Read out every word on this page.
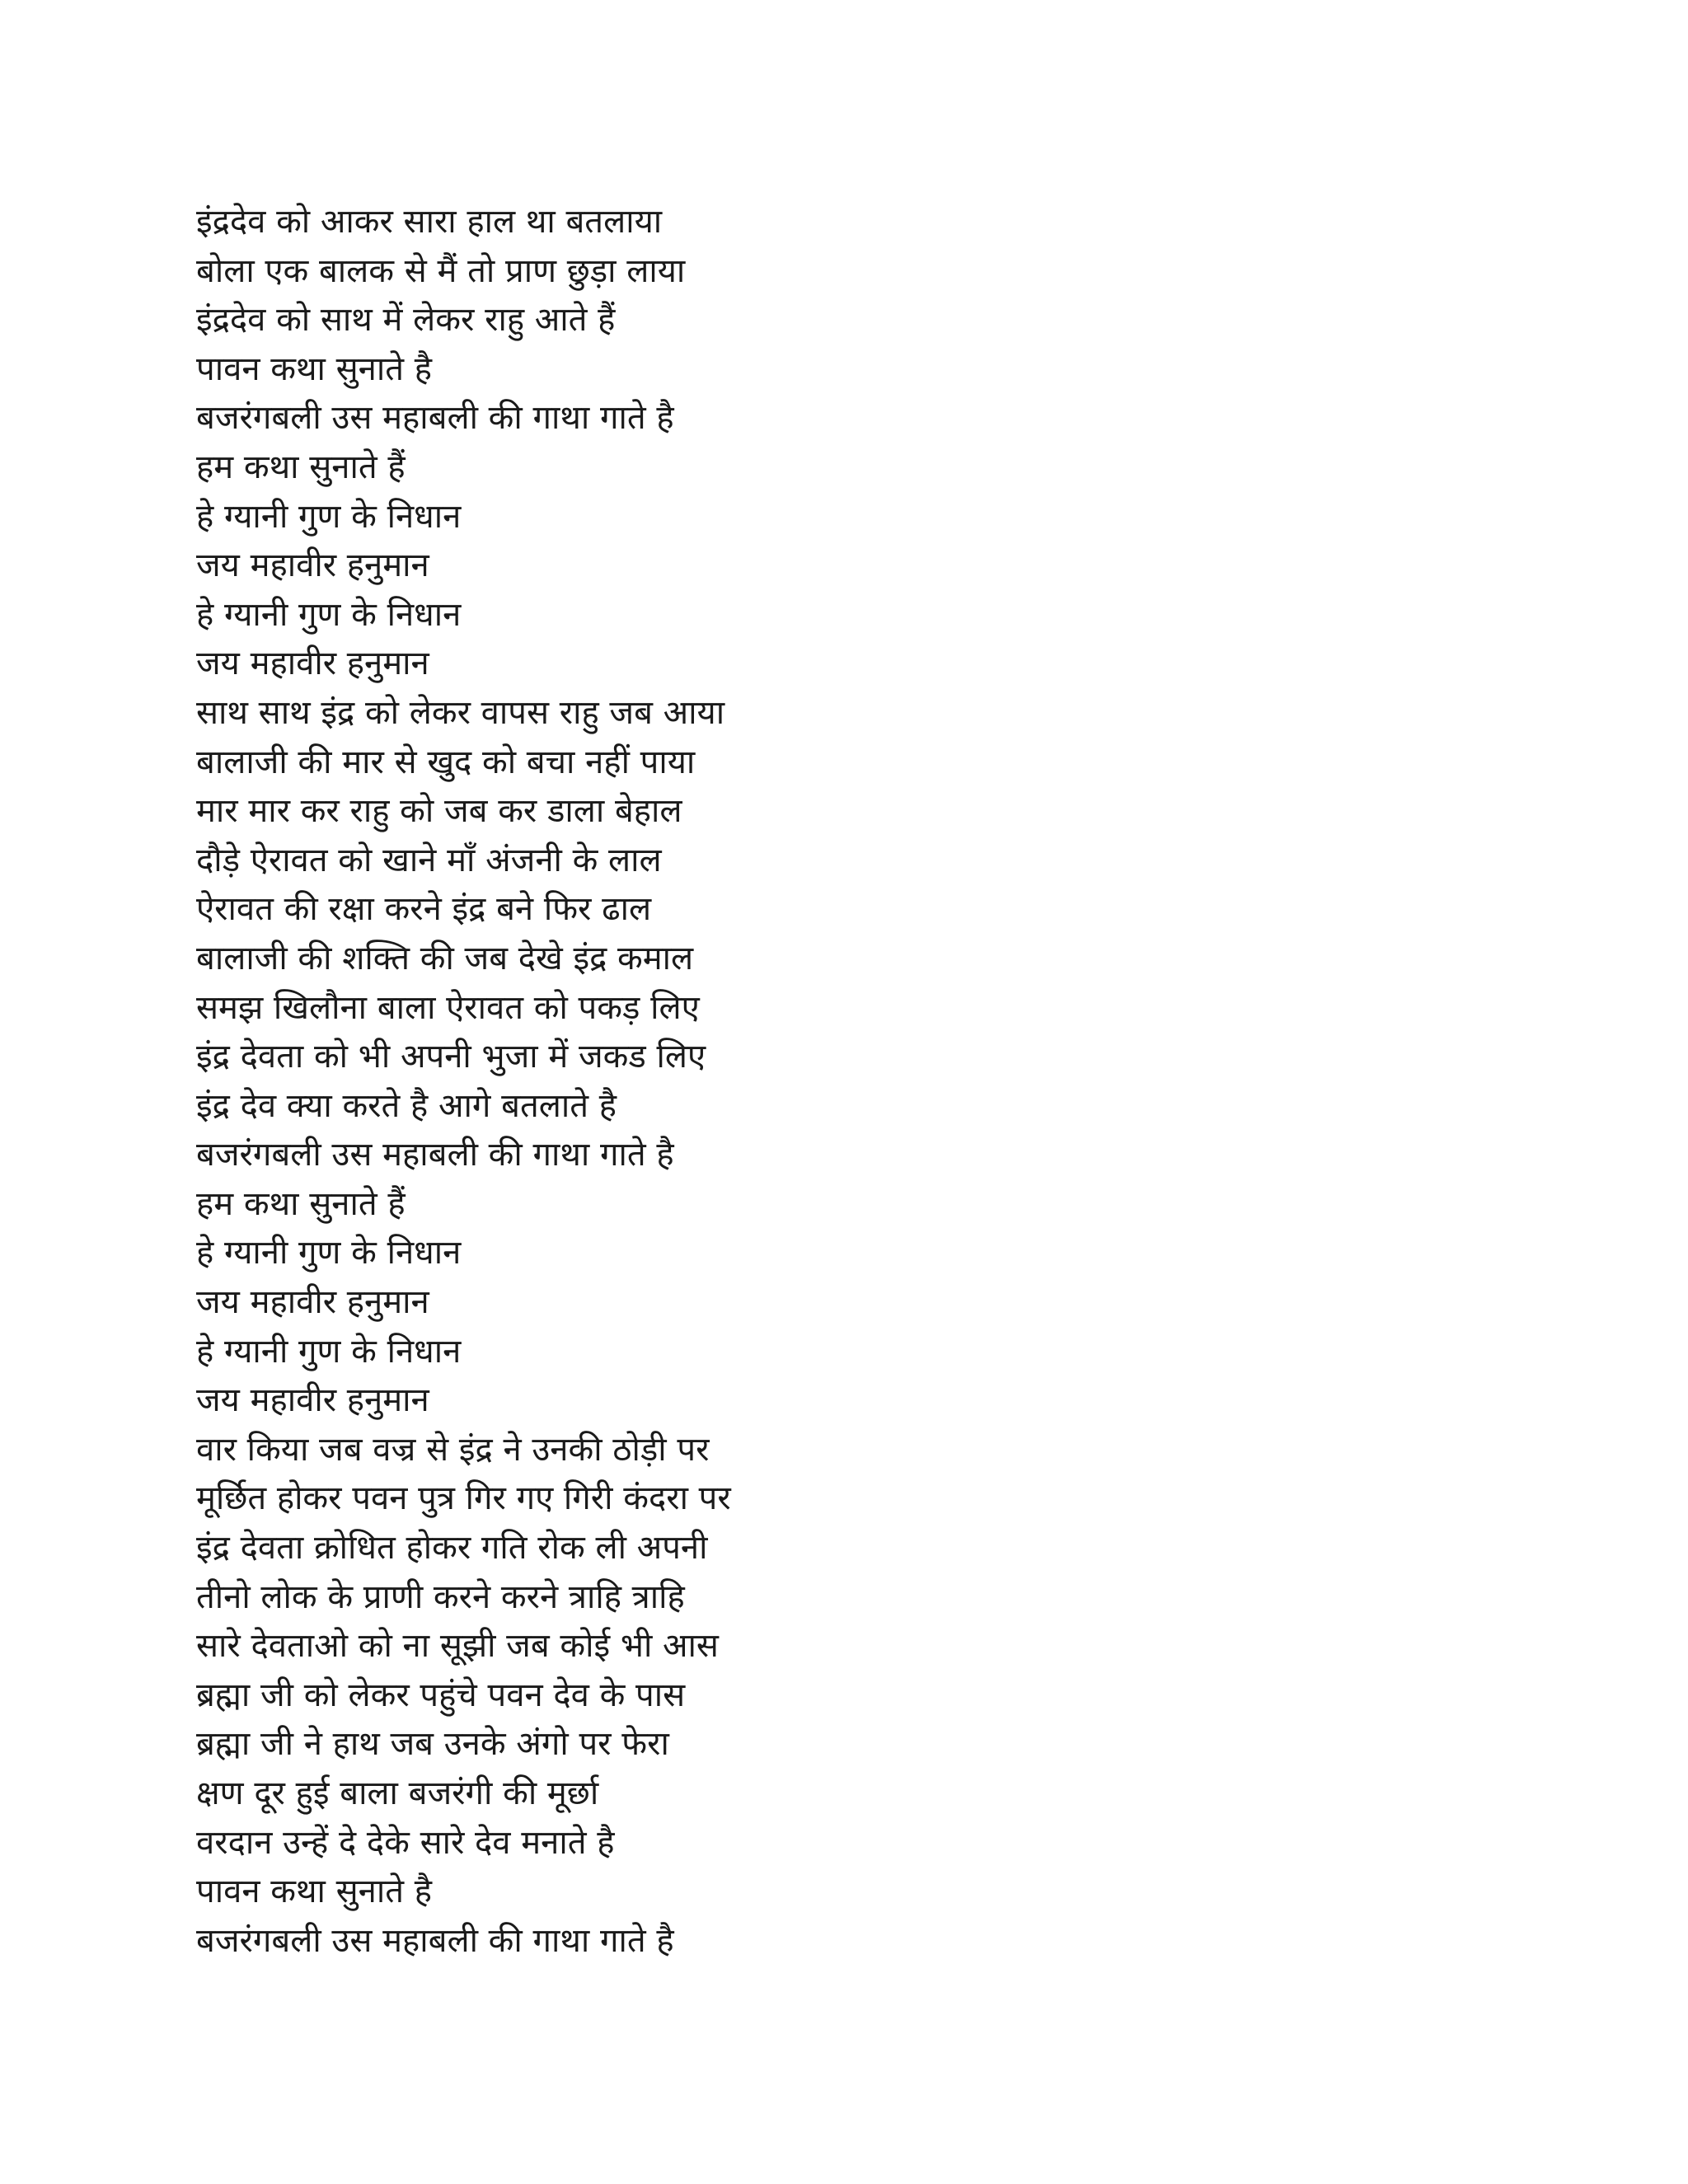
इंद्रदेव को आकर सारा हाल था बतलाया
बोला एक बालक से मैं तो प्राण छुड़ा लाया
इंद्रदेव को साथ में लेकर राहु आते हैं
पावन कथा सुनाते है
बजरंगबली उस महाबली की गाथा गाते है
हम कथा सुनाते हैं
हे ग्यानी गुण के निधान
जय महावीर हनुमान
हे ग्यानी गुण के निधान
जय महावीर हनुमान
साथ साथ इंद्र को लेकर वापस राहु जब आया
बालाजी की मार से खुद को बचा नहीं पाया
मार मार कर राहु को जब कर डाला बेहाल
दौड़े ऐरावत को खाने माँ अंजनी के लाल
ऐरावत की रक्षा करने इंद्र बने फिर ढाल
बालाजी की शक्ति की जब देखे इंद्र कमाल
समझ खिलौना बाला ऐरावत को पकड़ लिए
इंद्र देवता को भी अपनी भुजा में जकड लिए
इंद्र देव क्या करते है आगे बतलाते है
बजरंगबली उस महाबली की गाथा गाते है
हम कथा सुनाते हैं
हे ग्यानी गुण के निधान
जय महावीर हनुमान
हे ग्यानी गुण के निधान
जय महावीर हनुमान
वार किया जब वज्र से इंद्र ने उनकी ठोड़ी पर
मूर्छित होकर पवन पुत्र गिर गए गिरी कंदरा पर
इंद्र देवता क्रोधित होकर गति रोक ली अपनी
तीनो लोक के प्राणी करने करने त्राहि त्राहि
सारे देवताओ को ना सूझी जब कोई भी आस
ब्रह्मा जी को लेकर पहुंचे पवन देव के पास
ब्रह्मा जी ने हाथ जब उनके अंगो पर फेरा
क्षण दूर हुई बाला बजरंगी की मूर्छा
वरदान उन्हें दे देके सारे देव मनाते है
पावन कथा सुनाते है
बजरंगबली उस महाबली की गाथा गाते है
